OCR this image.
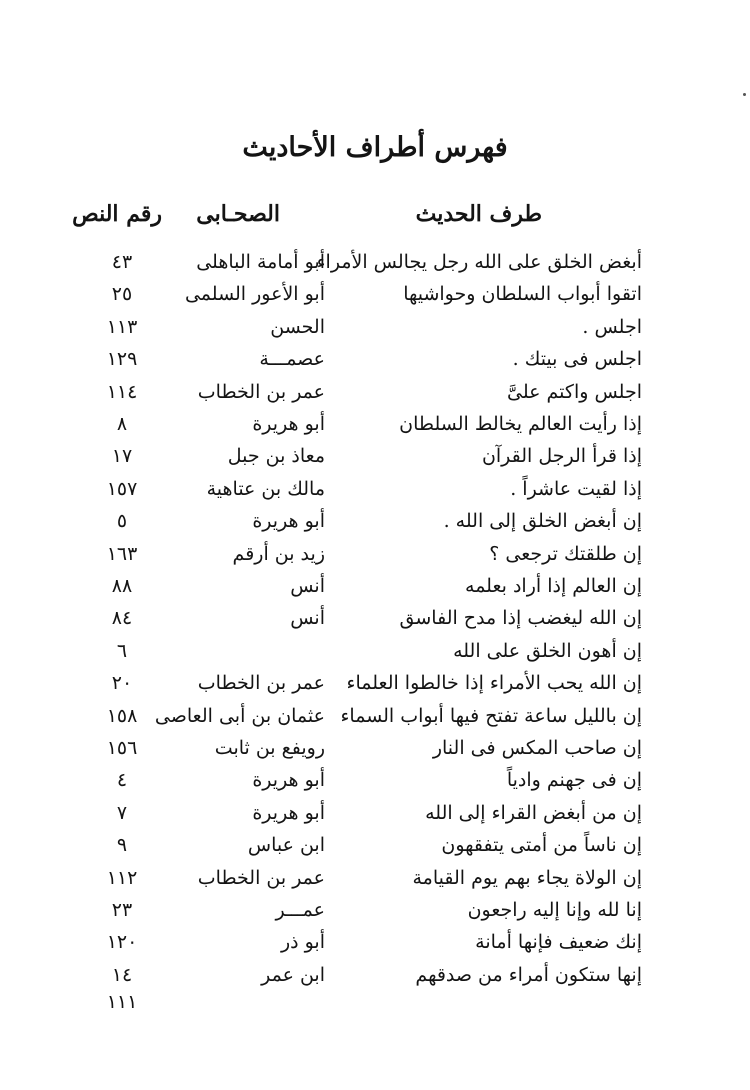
فهرس أطراف الأحاديث
طرف الحديث
الصحـابى
رقم النص
أبغض الخلق على الله رجل يجالس الأمراء
أبو أمامة الباهلى
٤٣
اتقوا أبواب السلطان وحواشيها
أبو الأعور السلمى
٢٥
اجلس .
الحسن
١١٣
اجلس فى بيتك .
عصمـــة
١٢٩
اجلس واكتم علىَّ
عمر بن الخطاب
١١٤
إذا رأيت العالم يخالط السلطان
أبو هريرة
٨
إذا قرأ الرجل القرآن
معاذ بن جبل
١٧
إذا لقيت عاشراً .
مالك بن عتاهية
١٥٧
إن أبغض الخلق إلى الله .
أبو هريرة
٥
إن طلقتك ترجعى ؟
زيد بن أرقم
١٦٣
إن العالم إذا أراد بعلمه
أنس
٨٨
إن الله ليغضب إذا مدح الفاسق
أنس
٨٤
إن أهون الخلق على الله
٦
إن الله يحب الأمراء إذا خالطوا العلماء
عمر بن الخطاب
٢٠
إن بالليل ساعة تفتح فيها أبواب السماء
عثمان بن أبى العاصى
١٥٨
إن صاحب المكس فى النار
رويفع بن ثابت
١٥٦
إن فى جهنم وادياً
أبو هريرة
٤
إن من أبغض القراء إلى الله
أبو هريرة
٧
إن ناساً من أمتى يتفقهون
ابن عباس
٩
إن الولاة يجاء بهم يوم القيامة
عمر بن الخطاب
١١٢
إنا لله وإنا إليه راجعون
عمـــر
٢٣
إنك ضعيف فإنها أمانة
أبو ذر
١٢٠
إنها ستكون أمراء من صدقهم
ابن عمر
١٤
١١١
